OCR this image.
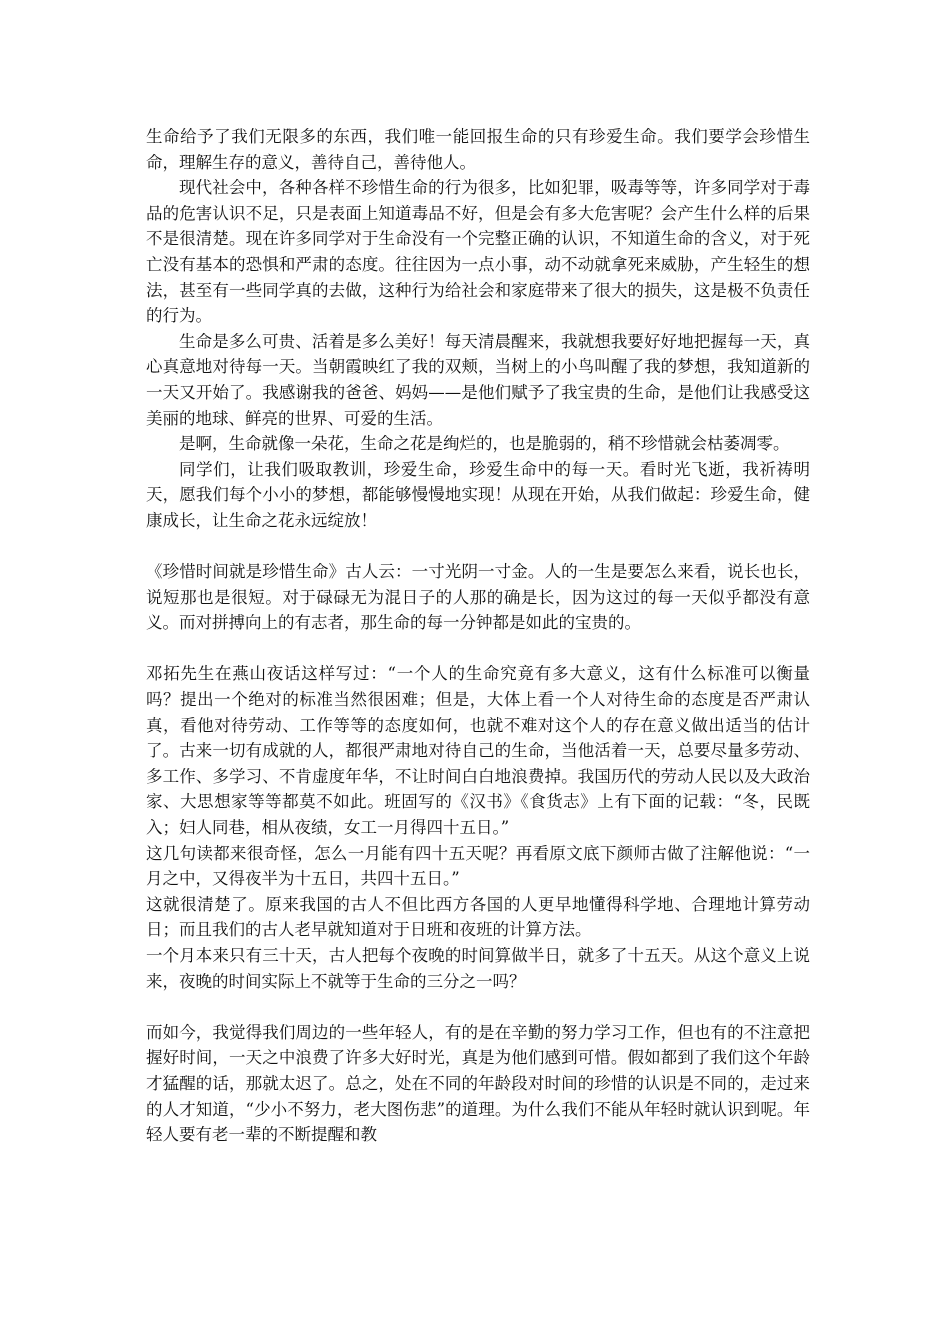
生命给予了我们无限多的东西，我们唯一能回报生命的只有珍爱生命。我们要学会珍惜生命，理解生存的意义，善待自己，善待他人。

现代社会中，各种各样不珍惜生命的行为很多，比如犯罪，吸毒等等，许多同学对于毒品的危害认识不足，只是表面上知道毒品不好，但是会有多大危害呢？会产生什么样的后果不是很清楚。现在许多同学对于生命没有一个完整正确的认识，不知道生命的含义，对于死亡没有基本的恐惧和严肃的态度。往往因为一点小事，动不动就拿死来威胁，产生轻生的想法，甚至有一些同学真的去做，这种行为给社会和家庭带来了很大的损失，这是极不负责任的行为。

生命是多么可贵、活着是多么美好！每天清晨醒来，我就想我要好好地把握每一天，真心真意地对待每一天。当朝霞映红了我的双颊，当树上的小鸟叫醒了我的梦想，我知道新的一天又开始了。我感谢我的爸爸、妈妈——是他们赋予了我宝贵的生命，是他们让我感受这美丽的地球、鲜亮的世界、可爱的生活。

是啊，生命就像一朵花，生命之花是绚烂的，也是脆弱的，稍不珍惜就会枯萎凋零。

同学们，让我们吸取教训，珍爱生命，珍爱生命中的每一天。看时光飞逝，我祈祷明天，愿我们每个小小的梦想，都能够慢慢地实现！从现在开始，从我们做起：珍爱生命，健康成长，让生命之花永远绽放！

《珍惜时间就是珍惜生命》古人云：一寸光阴一寸金。人的一生是要怎么来看，说长也长，说短那也是很短。对于碌碌无为混日子的人那的确是长，因为这过的每一天似乎都没有意义。而对拼搏向上的有志者，那生命的每一分钟都是如此的宝贵的。

邓拓先生在燕山夜话这样写过：“一个人的生命究竟有多大意义，这有什么标准可以衡量吗？提出一个绝对的标准当然很困难；但是，大体上看一个人对待生命的态度是否严肃认真，看他对待劳动、工作等等的态度如何，也就不难对这个人的存在意义做出适当的估计了。古来一切有成就的人，都很严肃地对待自己的生命，当他活着一天，总要尽量多劳动、多工作、多学习、不肯虚度年华，不让时间白白地浪费掉。我国历代的劳动人民以及大政治家、大思想家等等都莫不如此。班固写的《汉书》《食货志》上有下面的记载：“冬，民既入；妇人同巷，相从夜绩，女工一月得四十五日。”

这几句读都来很奇怪，怎么一月能有四十五天呢？再看原文底下颜师古做了注解他说：“一月之中，又得夜半为十五日，共四十五日。”

这就很清楚了。原来我国的古人不但比西方各国的人更早地懂得科学地、合理地计算劳动日；而且我们的古人老早就知道对于日班和夜班的计算方法。

一个月本来只有三十天，古人把每个夜晚的时间算做半日，就多了十五天。从这个意义上说来，夜晚的时间实际上不就等于生命的三分之一吗？

而如今，我觉得我们周边的一些年轻人，有的是在辛勤的努力学习工作，但也有的不注意把握好时间，一天之中浪费了许多大好时光，真是为他们感到可惜。假如都到了我们这个年龄才猛醒的话，那就太迟了。总之，处在不同的年龄段对时间的珍惜的认识是不同的，走过来的人才知道，“少小不努力，老大图伤悲”的道理。为什么我们不能从年轻时就认识到呢。年轻人要有老一辈的不断提醒和教
